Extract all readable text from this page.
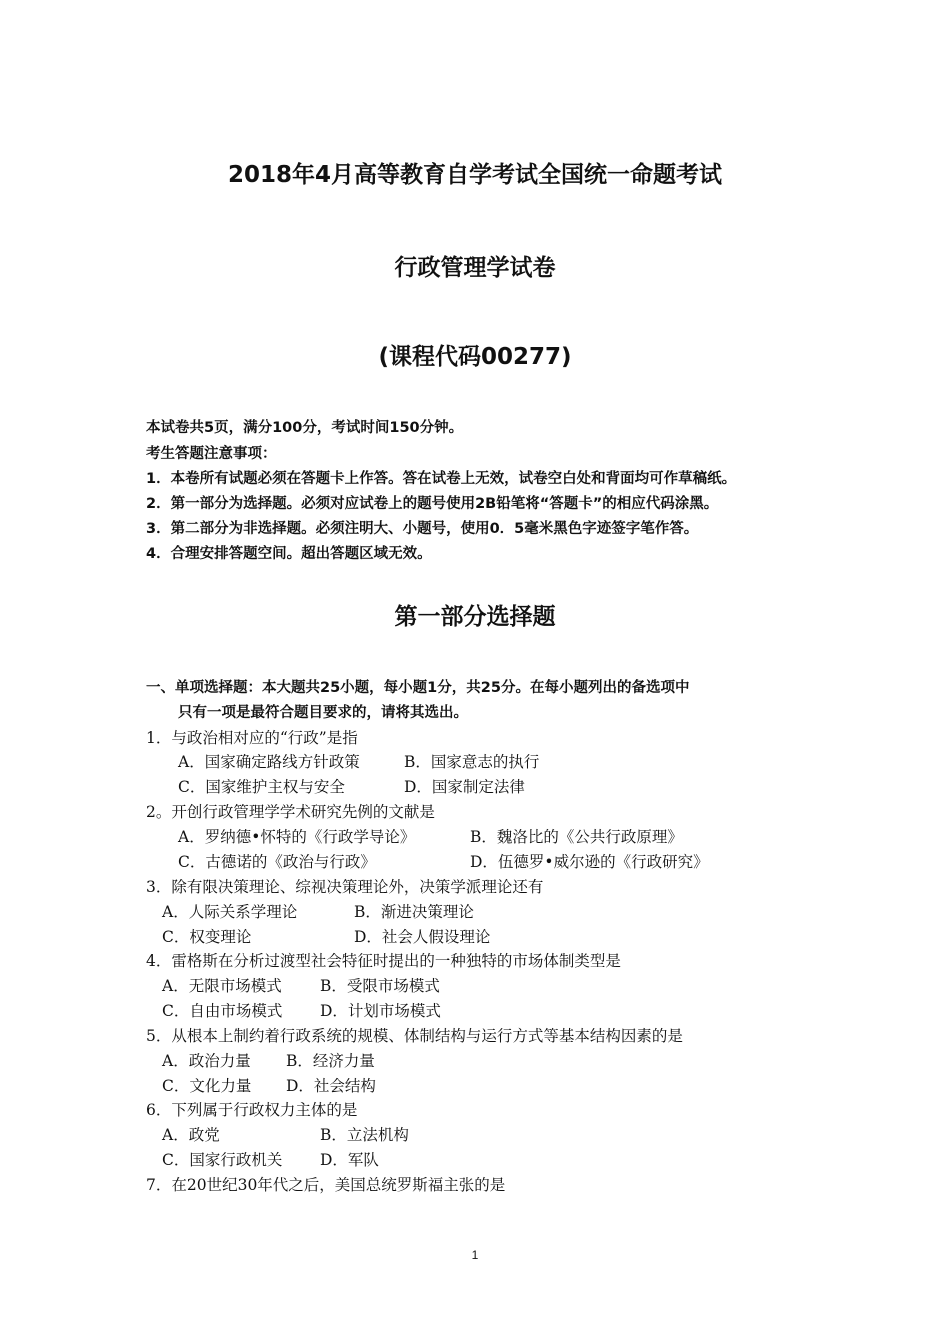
2018年4月高等教育自学考试全国统一命题考试
行政管理学试卷
(课程代码00277)
本试卷共5页，满分100分，考试时间150分钟。
考生答题注意事项：
1．本卷所有试题必须在答题卡上作答。答在试卷上无效，试卷空白处和背面均可作草稿纸。
2．第一部分为选择题。必须对应试卷上的题号使用2B铅笔将“答题卡”的相应代码涂黑。
3．第二部分为非选择题。必须注明大、小题号，使用0．5毫米黑色字迹签字笔作答。
4．合理安排答题空间。超出答题区域无效。
第一部分选择题
一、单项选择题：本大题共25小题，每小题1分，共25分。在每小题列出的备选项中
只有一项是最符合题目要求的，请将其选出。
1．与政治相对应的“行政”是指
A．国家确定路线方针政策	B．国家意志的执行
C．国家维护主权与安全	D．国家制定法律
2。开创行政管理学学术研究先例的文献是
A．罗纳德•怀特的《行政学导论》	B．魏洛比的《公共行政原理》
C．古德诺的《政治与行政》	D．伍德罗•威尔逊的《行政研究》
3．除有限决策理论、综视决策理论外，决策学派理论还有
A．人际关系学理论	B．渐进决策理论
C．权变理论	D．社会人假设理论
4．雷格斯在分析过渡型社会特征时提出的一种独特的市场体制类型是
A．无限市场模式 B．受限市场模式
C．自由市场模式 D．计划市场模式
5．从根本上制约着行政系统的规模、体制结构与运行方式等基本结构因素的是
A．政治力量 B．经济力量
C．文化力量 D．社会结构
6．下列属于行政权力主体的是
A．政党	B．立法机构
C．国家行政机关 D．军队
7．在20世纪30年代之后，美国总统罗斯福主张的是
1
